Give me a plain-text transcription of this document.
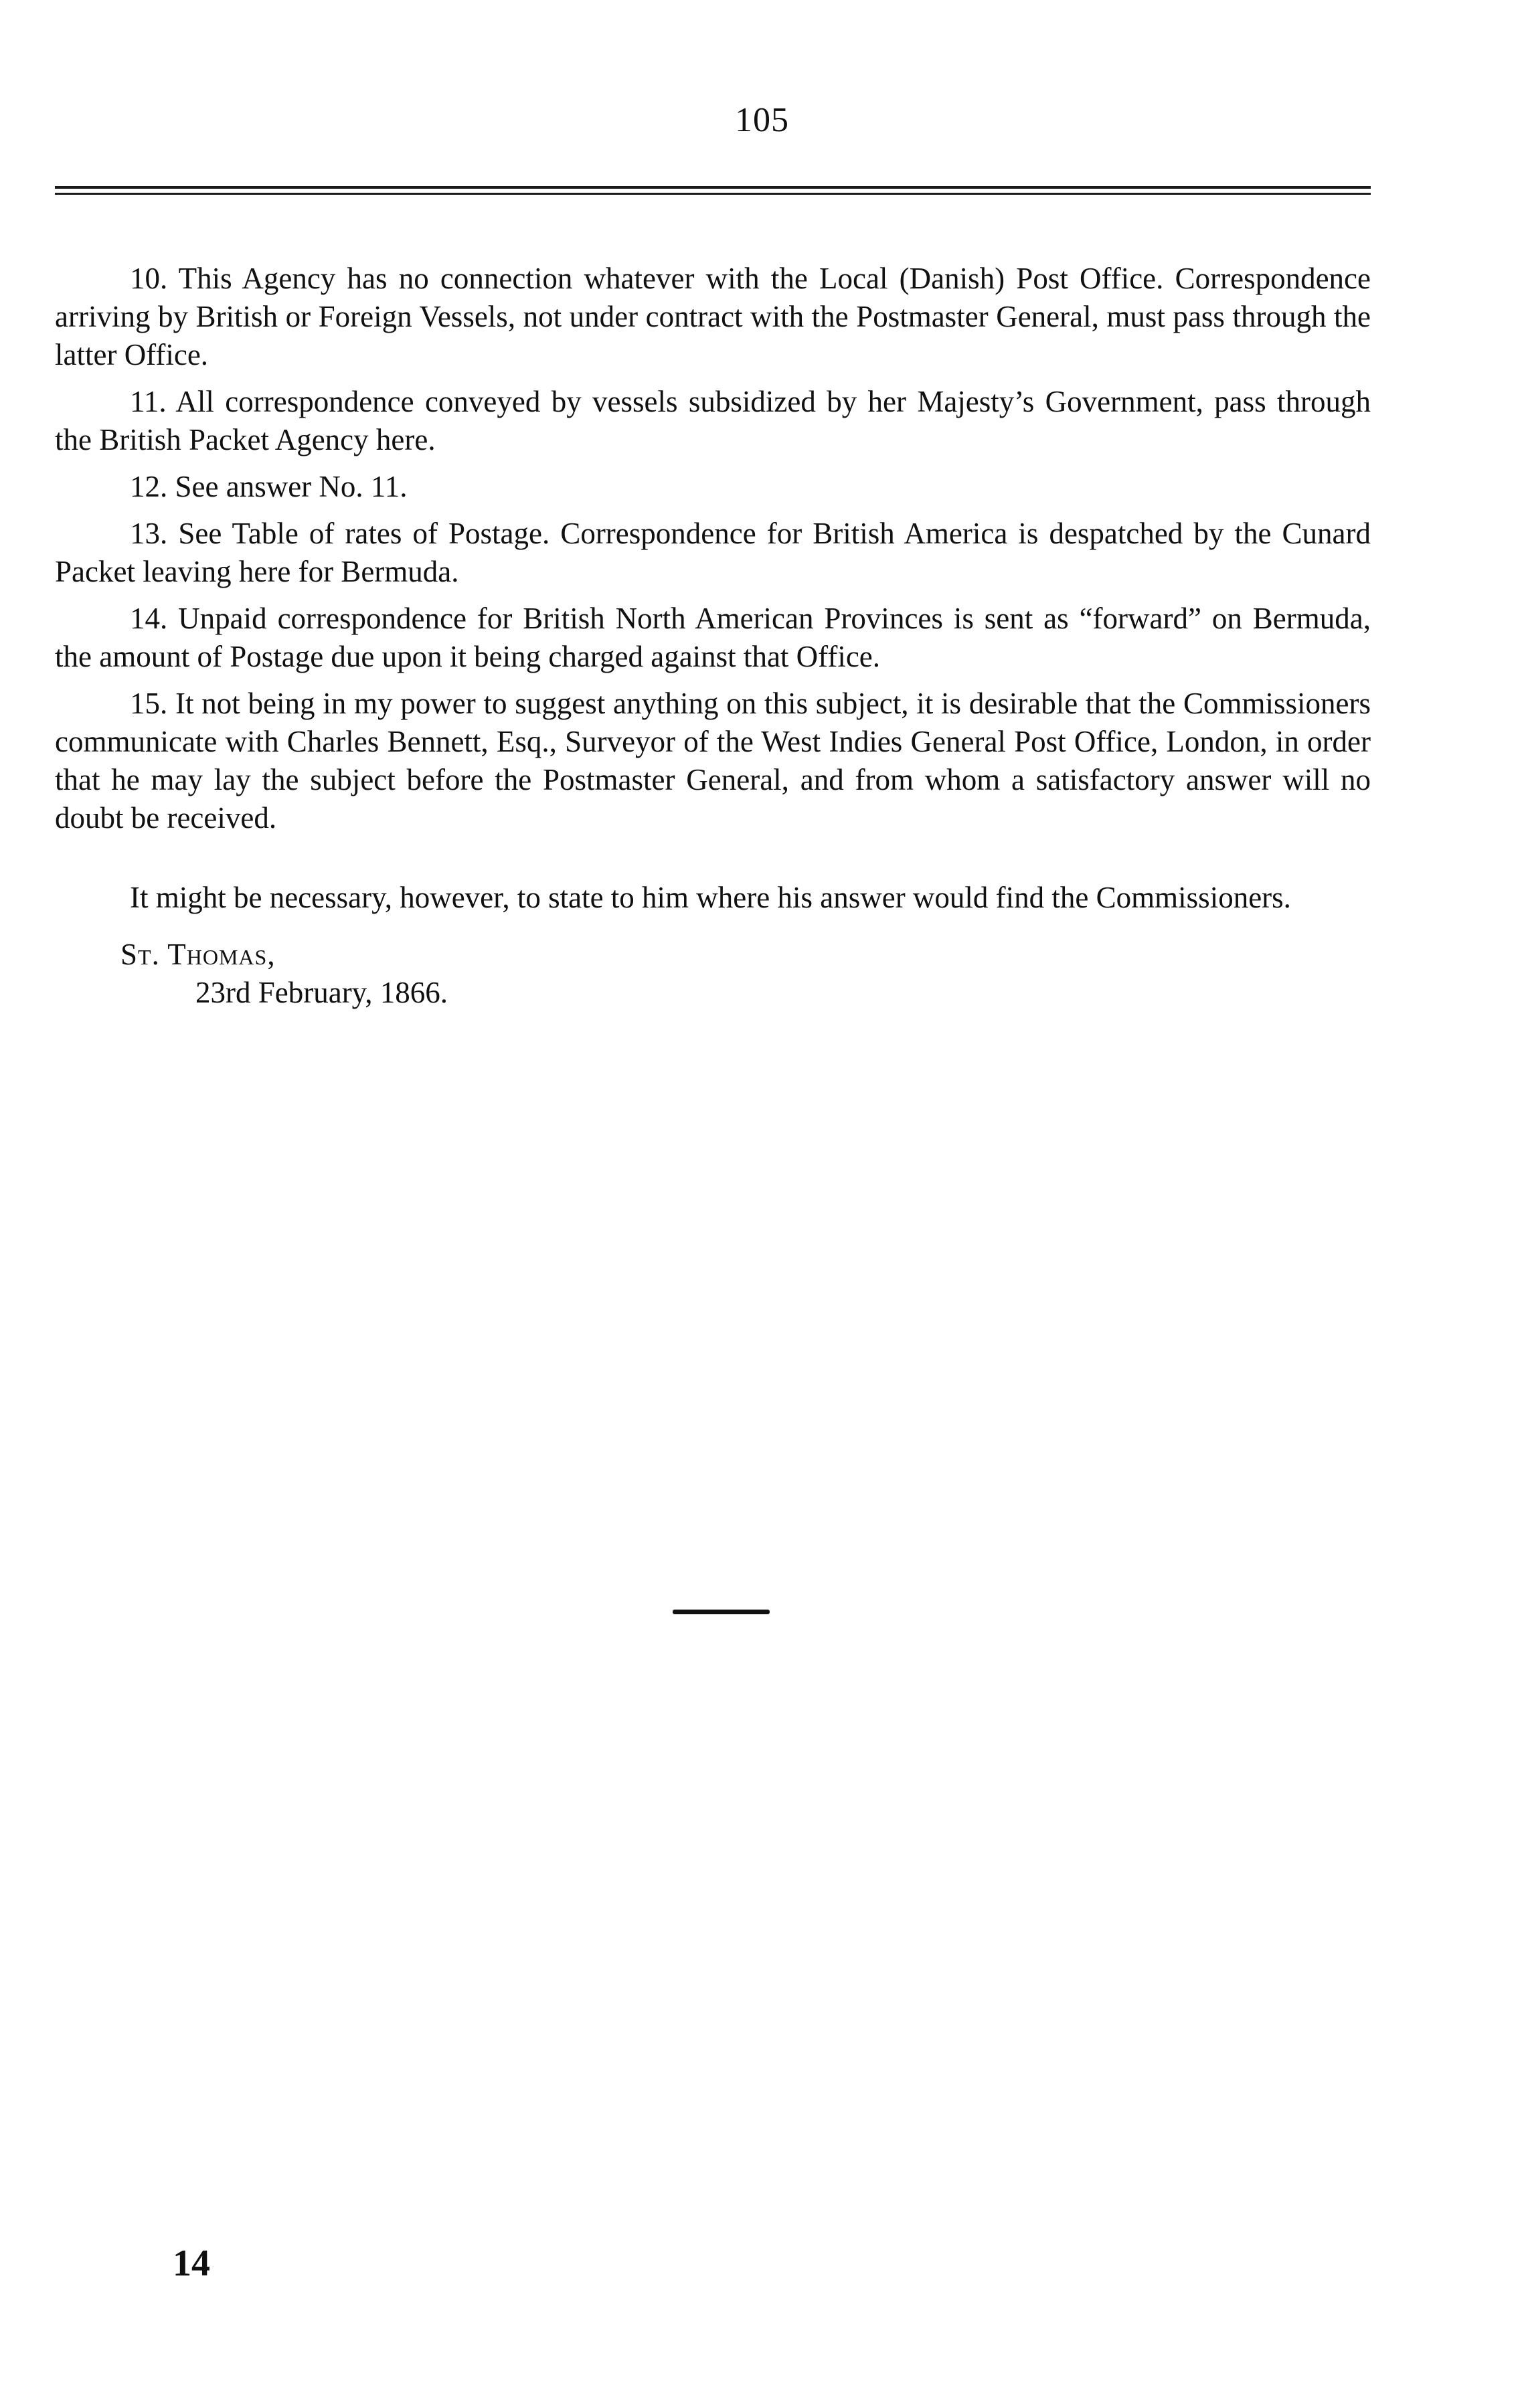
105

10. This Agency has no connection whatever with the Local (Danish) Post Office. Correspondence arriving by British or Foreign Vessels, not under contract with the Postmaster General, must pass through the latter Office.

11. All correspondence conveyed by vessels subsidized by her Majesty’s Government, pass through the British Packet Agency here.

12. See answer No. 11.

13. See Table of rates of Postage. Correspondence for British America is despatched by the Cunard Packet leaving here for Bermuda.

14. Unpaid correspondence for British North American Provinces is sent as “forward” on Bermuda, the amount of Postage due upon it being charged against that Office.

15. It not being in my power to suggest anything on this subject, it is desirable that the Commissioners communicate with Charles Bennett, Esq., Surveyor of the West Indies General Post Office, London, in order that he may lay the subject before the Postmaster General, and from whom a satisfactory answer will no doubt be received.

It might be necessary, however, to state to him where his answer would find the Commissioners.

St. Thomas,
23rd February, 1866.
14
